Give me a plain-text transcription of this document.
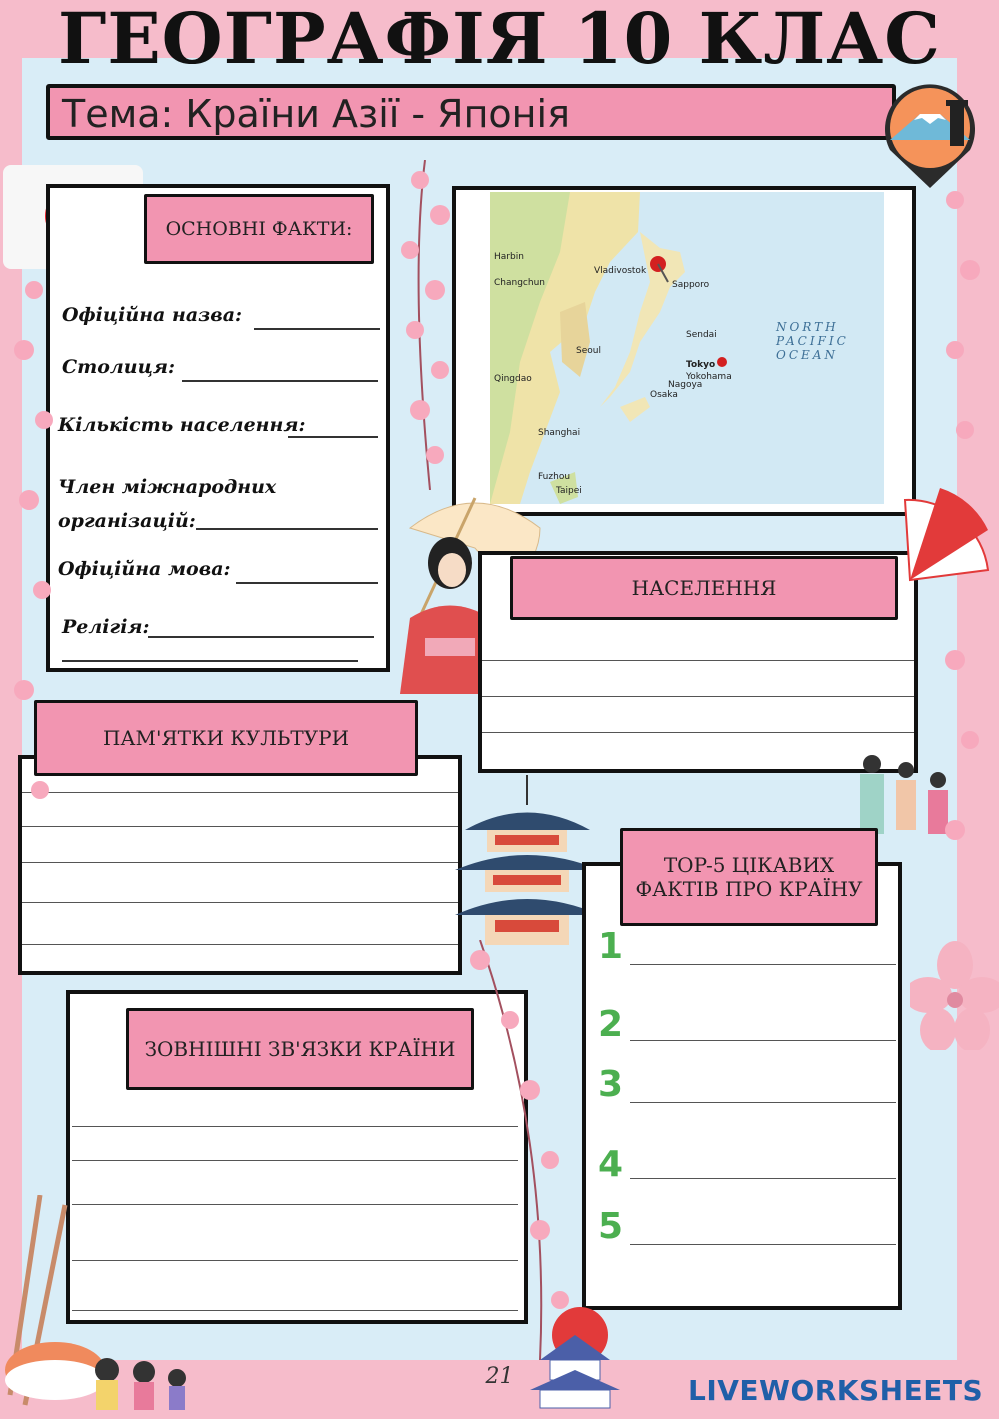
ГЕОГРАФІЯ 10 КЛАС
Тема: Країни Азії - Японія
ОСНОВНІ ФАКТИ:
Офіційна назва:
Столиця:
Кількість населення:
Член міжнародних організацій:
Офіційна мова:
Релігія:
NORTH PACIFIC OCEAN
Harbin
Changchun
Vladivostok
Sapporo
Sendai
Seoul
Tokyo
Yokohama
Nagoya
Osaka
Shanghai
Qingdao
Fuzhou
Taipei
НАСЕЛЕННЯ
ПАМ'ЯТКИ КУЛЬТУРИ
TOP-5 ЦІКАВИХ ФАКТІВ ПРО КРАЇНУ
1
2
3
4
5
ЗОВНІШНІ ЗВ'ЯЗКИ КРАЇНИ
21	LIVEWORKSHEETS
